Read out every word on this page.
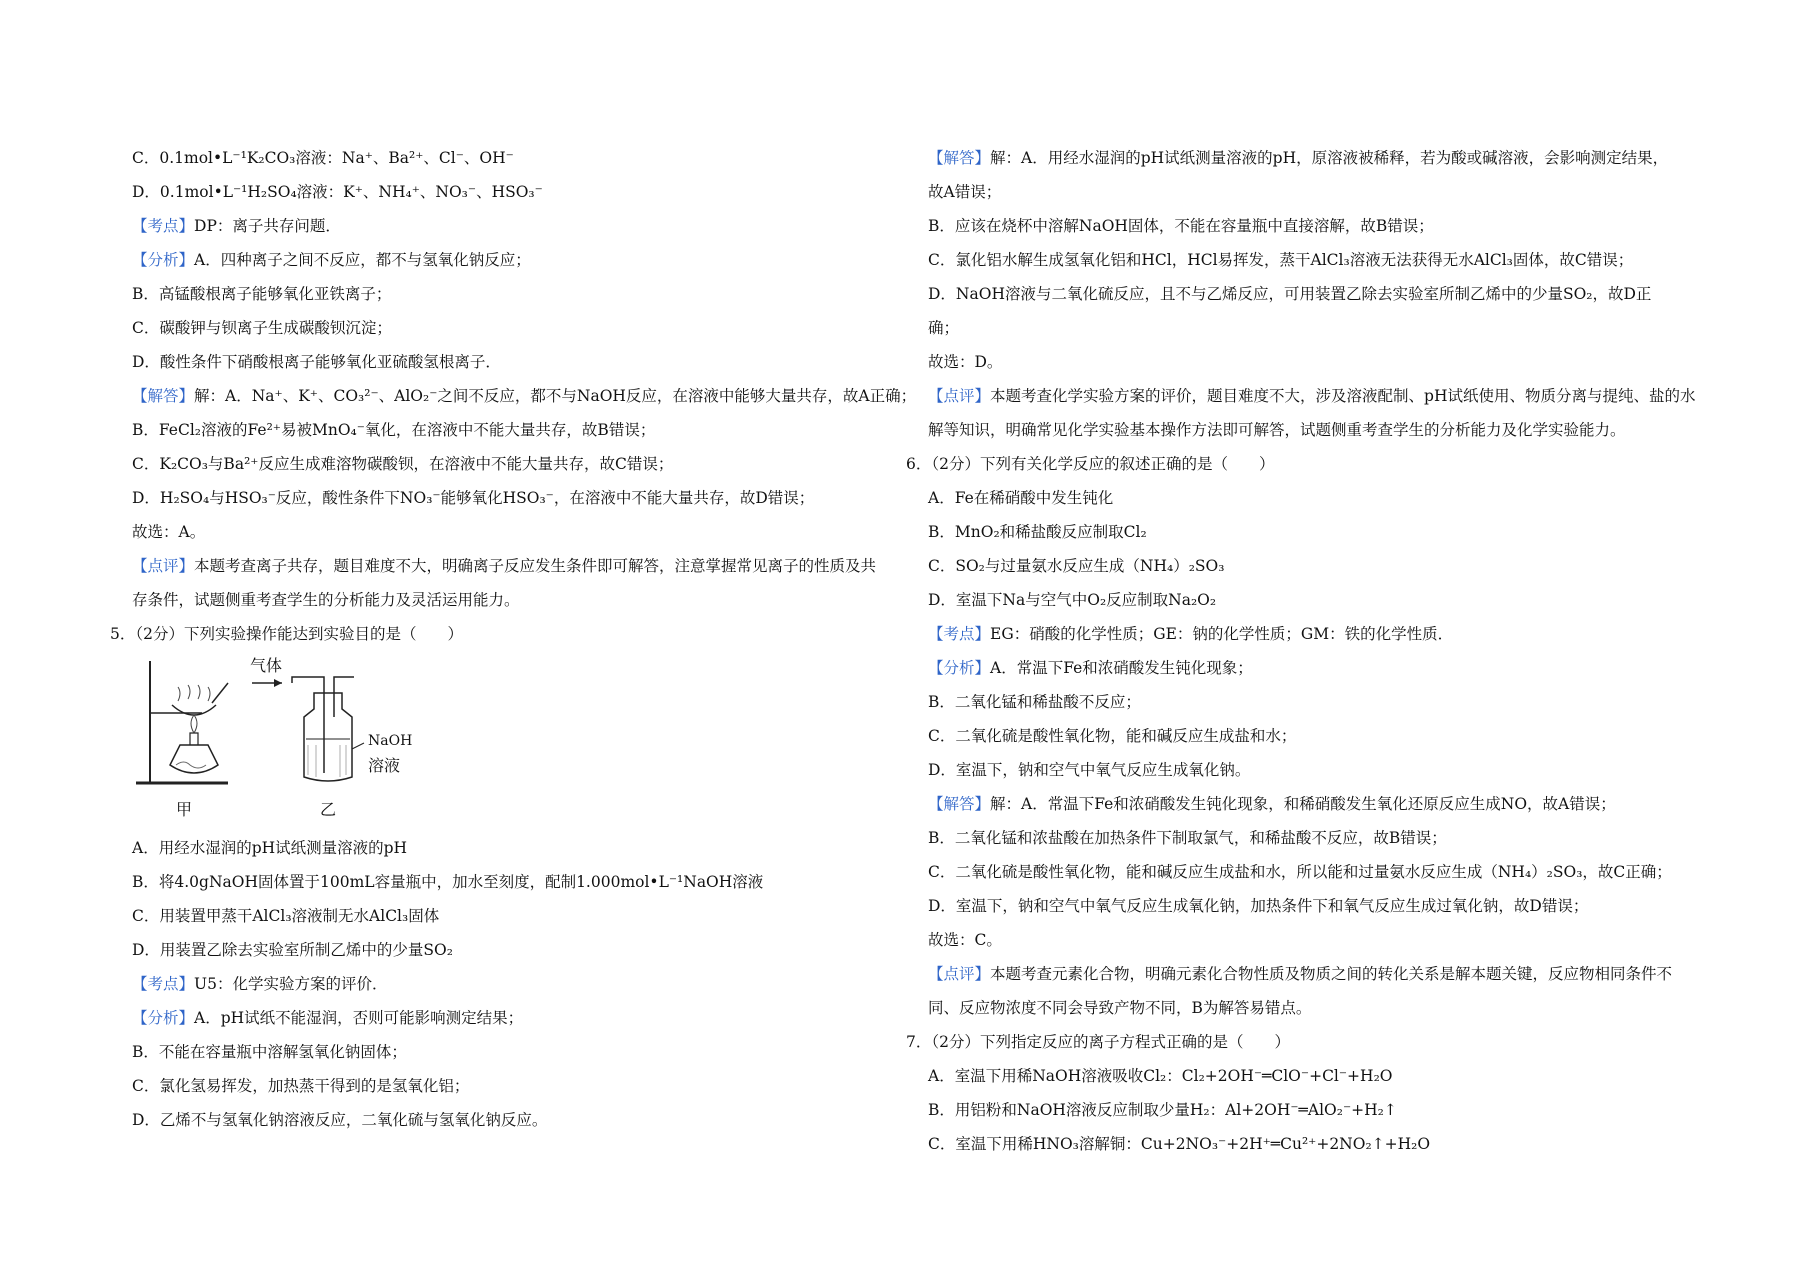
C．0.1mol•L⁻¹K₂CO₃溶液：Na⁺、Ba²⁺、Cl⁻、OH⁻
D．0.1mol•L⁻¹H₂SO₄溶液：K⁺、NH₄⁺、NO₃⁻、HSO₃⁻
【考点】DP：离子共存问题．
【分析】A．四种离子之间不反应，都不与氢氧化钠反应；
B．高锰酸根离子能够氧化亚铁离子；
C．碳酸钾与钡离子生成碳酸钡沉淀；
D．酸性条件下硝酸根离子能够氧化亚硫酸氢根离子．
【解答】解：A．Na⁺、K⁺、CO₃²⁻、AlO₂⁻之间不反应，都不与NaOH反应，在溶液中能够大量共存，故A正确；
B．FeCl₂溶液的Fe²⁺易被MnO₄⁻氧化，在溶液中不能大量共存，故B错误；
C．K₂CO₃与Ba²⁺反应生成难溶物碳酸钡，在溶液中不能大量共存，故C错误；
D．H₂SO₄与HSO₃⁻反应，酸性条件下NO₃⁻能够氧化HSO₃⁻，在溶液中不能大量共存，故D错误；
故选：A。
【点评】本题考查离子共存，题目难度不大，明确离子反应发生条件即可解答，注意掌握常见离子的性质及共
存条件，试题侧重考查学生的分析能力及灵活运用能力。
5．（2分）下列实验操作能达到实验目的是（　　）
气体
NaOH
溶液
甲	乙
A．用经水湿润的pH试纸测量溶液的pH
B．将4.0gNaOH固体置于100mL容量瓶中，加水至刻度，配制1.000mol•L⁻¹NaOH溶液
C．用装置甲蒸干AlCl₃溶液制无水AlCl₃固体
D．用装置乙除去实验室所制乙烯中的少量SO₂
【考点】U5：化学实验方案的评价．
【分析】A．pH试纸不能湿润，否则可能影响测定结果；
B．不能在容量瓶中溶解氢氧化钠固体；
C．氯化氢易挥发，加热蒸干得到的是氢氧化铝；
D．乙烯不与氢氧化钠溶液反应，二氧化硫与氢氧化钠反应。
【解答】解：A．用经水湿润的pH试纸测量溶液的pH，原溶液被稀释，若为酸或碱溶液，会影响测定结果，
故A错误；
B．应该在烧杯中溶解NaOH固体，不能在容量瓶中直接溶解，故B错误；
C．氯化铝水解生成氢氧化铝和HCl，HCl易挥发，蒸干AlCl₃溶液无法获得无水AlCl₃固体，故C错误；
D．NaOH溶液与二氧化硫反应，且不与乙烯反应，可用装置乙除去实验室所制乙烯中的少量SO₂，故D正
确；
故选：D。
【点评】本题考查化学实验方案的评价，题目难度不大，涉及溶液配制、pH试纸使用、物质分离与提纯、盐的水
解等知识，明确常见化学实验基本操作方法即可解答，试题侧重考查学生的分析能力及化学实验能力。
6．（2分）下列有关化学反应的叙述正确的是（　　）
A．Fe在稀硝酸中发生钝化
B．MnO₂和稀盐酸反应制取Cl₂
C．SO₂与过量氨水反应生成（NH₄）₂SO₃
D．室温下Na与空气中O₂反应制取Na₂O₂
【考点】EG：硝酸的化学性质；GE：钠的化学性质；GM：铁的化学性质．
【分析】A．常温下Fe和浓硝酸发生钝化现象；
B．二氧化锰和稀盐酸不反应；
C．二氧化硫是酸性氧化物，能和碱反应生成盐和水；
D．室温下，钠和空气中氧气反应生成氧化钠。
【解答】解：A．常温下Fe和浓硝酸发生钝化现象，和稀硝酸发生氧化还原反应生成NO，故A错误；
B．二氧化锰和浓盐酸在加热条件下制取氯气，和稀盐酸不反应，故B错误；
C．二氧化硫是酸性氧化物，能和碱反应生成盐和水，所以能和过量氨水反应生成（NH₄）₂SO₃，故C正确；
D．室温下，钠和空气中氧气反应生成氧化钠，加热条件下和氧气反应生成过氧化钠，故D错误；
故选：C。
【点评】本题考查元素化合物，明确元素化合物性质及物质之间的转化关系是解本题关键，反应物相同条件不
同、反应物浓度不同会导致产物不同，B为解答易错点。
7．（2分）下列指定反应的离子方程式正确的是（　　）
A．室温下用稀NaOH溶液吸收Cl₂：Cl₂+2OH⁻═ClO⁻+Cl⁻+H₂O
B．用铝粉和NaOH溶液反应制取少量H₂：Al+2OH⁻═AlO₂⁻+H₂↑
C．室温下用稀HNO₃溶解铜：Cu+2NO₃⁻+2H⁺═Cu²⁺+2NO₂↑+H₂O
